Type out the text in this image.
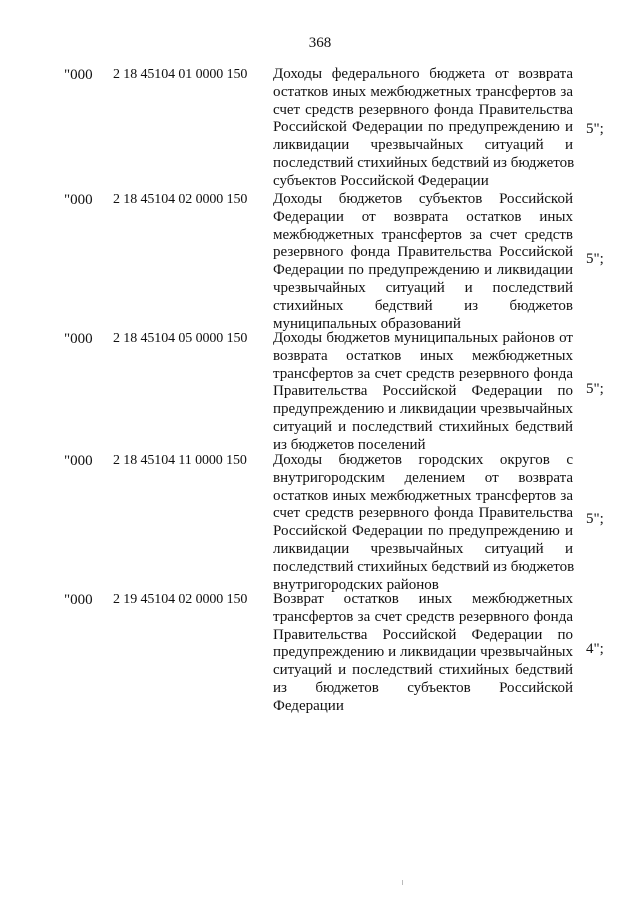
368
"000 2 18 45104 01 0000 150 Доходы федерального бюджета от возврата
остатков иных межбюджетных трансфертов за
счет средств резервного фонда Правительства
Российской Федерации по предупреждению и
ликвидации чрезвычайных ситуаций и
последствий стихийных бедствий из бюджетов
субъектов Российской Федерации
5";
"000 2 18 45104 02 0000 150 Доходы бюджетов субъектов Российской
Федерации от возврата остатков иных
межбюджетных трансфертов за счет средств
резервного фонда Правительства Российской
Федерации по предупреждению и ликвидации
чрезвычайных ситуаций и последствий
стихийных бедствий из бюджетов
муниципальных образований
5";
"000 2 18 45104 05 0000 150 Доходы бюджетов муниципальных районов от
возврата остатков иных межбюджетных
трансфертов за счет средств резервного фонда
Правительства Российской Федерации по
предупреждению и ликвидации чрезвычайных
ситуаций и последствий стихийных бедствий
из бюджетов поселений
5";
"000 2 18 45104 11 0000 150 Доходы бюджетов городских округов с
внутригородским делением от возврата
остатков иных межбюджетных трансфертов за
счет средств резервного фонда Правительства
Российской Федерации по предупреждению и
ликвидации чрезвычайных ситуаций и
последствий стихийных бедствий из бюджетов
внутригородских районов
5";
"000 2 19 45104 02 0000 150 Возврат остатков иных межбюджетных
трансфертов за счет средств резервного фонда
Правительства Российской Федерации по
предупреждению и ликвидации чрезвычайных
ситуаций и последствий стихийных бедствий
из бюджетов субъектов Российской
Федерации
4";
